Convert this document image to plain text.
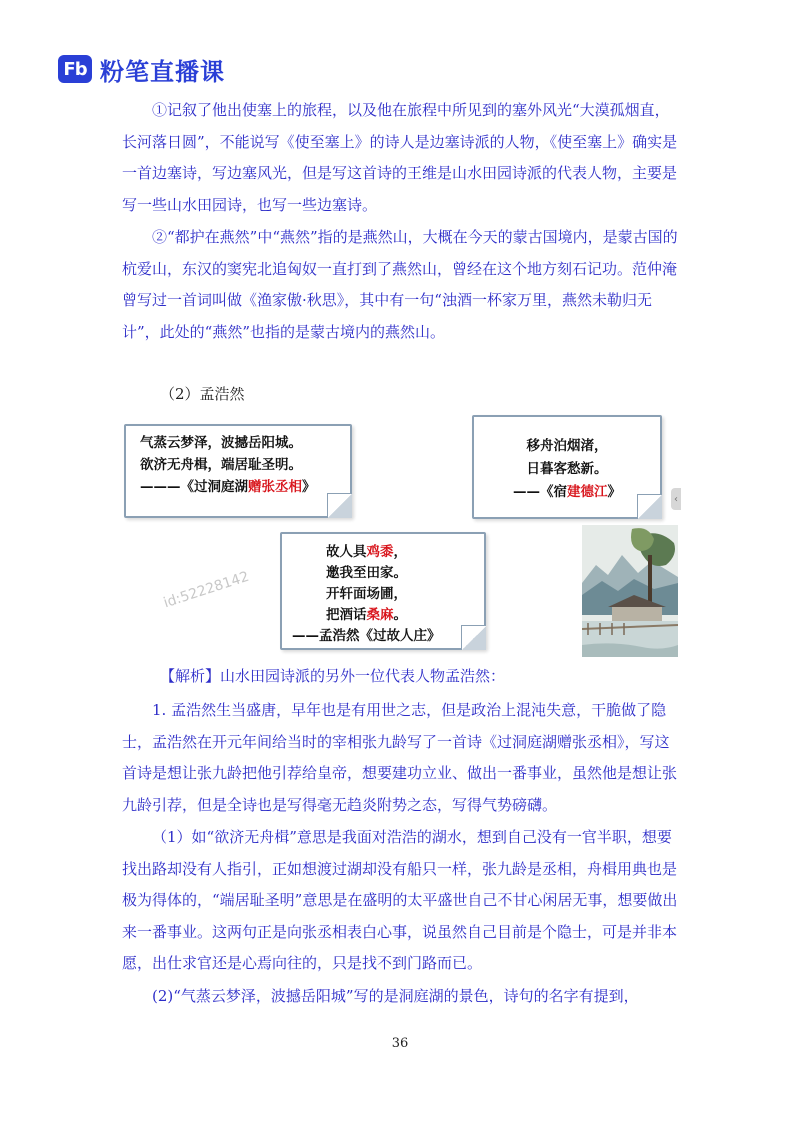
Fb 粉笔直播课

①记叙了他出使塞上的旅程，以及他在旅程中所见到的塞外风光“大漠孤烟直，长河落日圆”，不能说写《使至塞上》的诗人是边塞诗派的人物，《使至塞上》确实是一首边塞诗，写边塞风光，但是写这首诗的王维是山水田园诗派的代表人物，主要是写一些山水田园诗，也写一些边塞诗。

②“都护在燕然”中“燕然”指的是燕然山，大概在今天的蒙古国境内，是蒙古国的杭爱山，东汉的窦宪北追匈奴一直打到了燕然山，曾经在这个地方刻石记功。范仲淹曾写过一首词叫做《渔家傲·秋思》，其中有一句“浊酒一杯家万里，燕然未勒归无计”，此处的“燕然”也指的是蒙古境内的燕然山。

（2）孟浩然
气蒸云梦泽，波撼岳阳城。
欲济无舟楫，端居耻圣明。
———《过洞庭湖赠张丞相》
移舟泊烟渚，
日暮客愁新。
——《宿建德江》	‹
故人具鸡黍，
邀我至田家。
开轩面场圃，
把酒话桑麻。
——孟浩然《过故人庄》
id:52228142
【解析】山水田园诗派的另外一位代表人物孟浩然：

1. 孟浩然生当盛唐，早年也是有用世之志，但是政治上混沌失意，干脆做了隐士，孟浩然在开元年间给当时的宰相张九龄写了一首诗《过洞庭湖赠张丞相》，写这首诗是想让张九龄把他引荐给皇帝，想要建功立业、做出一番事业，虽然他是想让张九龄引荐，但是全诗也是写得毫无趋炎附势之态，写得气势磅礴。

（1）如“欲济无舟楫”意思是我面对浩浩的湖水，想到自己没有一官半职，想要找出路却没有人指引，正如想渡过湖却没有船只一样，张九龄是丞相，舟楫用典也是极为得体的，“端居耻圣明”意思是在盛明的太平盛世自己不甘心闲居无事，想要做出来一番事业。这两句正是向张丞相表白心事，说虽然自己目前是个隐士，可是并非本愿，出仕求官还是心焉向往的，只是找不到门路而已。

(2)“气蒸云梦泽，波撼岳阳城”写的是洞庭湖的景色，诗句的名字有提到，

36
